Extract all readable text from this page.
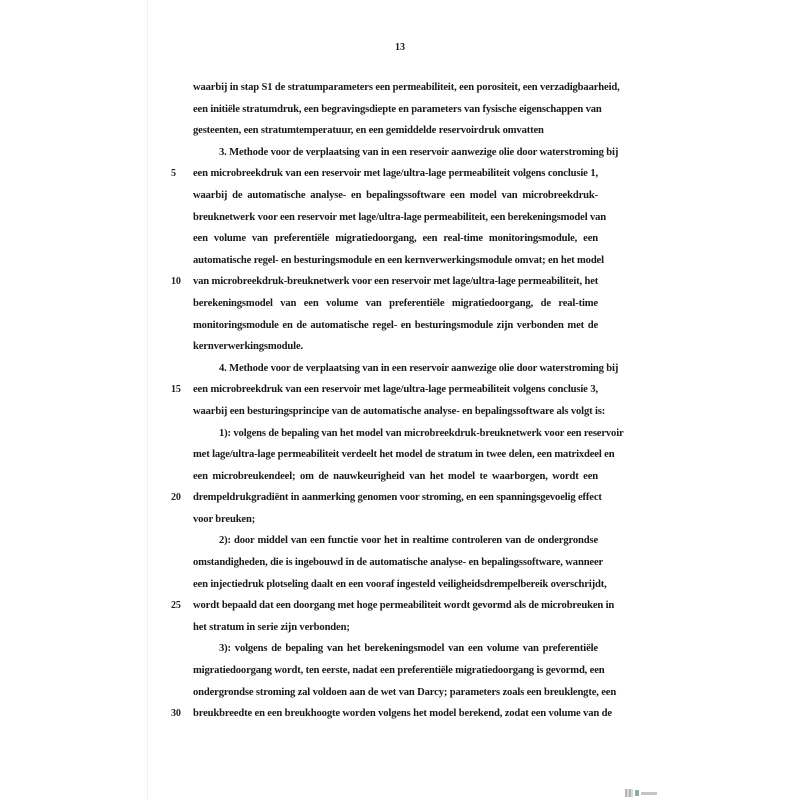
13
waarbij in stap S1 de stratumparameters een permeabiliteit, een porositeit, een verzadigbaarheid,
een initiële stratumdruk, een begravingsdiepte en parameters van fysische eigenschappen van
gesteenten, een stratumtemperatuur, en een gemiddelde reservoirdruk omvatten
3. Methode voor de verplaatsing van in een reservoir aanwezige olie door waterstroming bij
5 een microbreekdruk van een reservoir met lage/ultra-lage permeabiliteit volgens conclusie 1,
waarbij de automatische analyse- en bepalingssoftware een model van microbreekdruk-
breuknetwerk voor een reservoir met lage/ultra-lage permeabiliteit, een berekeningsmodel van
een volume van preferentiële migratiedoorgang, een real-time monitoringsmodule, een
automatische regel- en besturingsmodule en een kernverwerkingsmodule omvat; en het model
10 van microbreekdruk-breuknetwerk voor een reservoir met lage/ultra-lage permeabiliteit, het
berekeningsmodel van een volume van preferentiële migratiedoorgang, de real-time
monitoringsmodule en de automatische regel- en besturingsmodule zijn verbonden met de
kernverwerkingsmodule.
4. Methode voor de verplaatsing van in een reservoir aanwezige olie door waterstroming bij
15 een microbreekdruk van een reservoir met lage/ultra-lage permeabiliteit volgens conclusie 3,
waarbij een besturingsprincipe van de automatische analyse- en bepalingssoftware als volgt is:
1): volgens de bepaling van het model van microbreekdruk-breuknetwerk voor een reservoir
met lage/ultra-lage permeabiliteit verdeelt het model de stratum in twee delen, een matrixdeel en
een microbreukendeel; om de nauwkeurigheid van het model te waarborgen, wordt een
20 drempeldrukgradiënt in aanmerking genomen voor stroming, en een spanningsgevoelig effect
voor breuken;
2): door middel van een functie voor het in realtime controleren van de ondergrondse
omstandigheden, die is ingebouwd in de automatische analyse- en bepalingssoftware, wanneer
een injectiedruk plotseling daalt en een vooraf ingesteld veiligheidsdrempelbereik overschrijdt,
25 wordt bepaald dat een doorgang met hoge permeabiliteit wordt gevormd als de microbreuken in
het stratum in serie zijn verbonden;
3): volgens de bepaling van het berekeningsmodel van een volume van preferentiële
migratiedoorgang wordt, ten eerste, nadat een preferentiële migratiedoorgang is gevormd, een
ondergrondse stroming zal voldoen aan de wet van Darcy; parameters zoals een breuklengte, een
30 breukbreedte en een breukhoogte worden volgens het model berekend, zodat een volume van de
